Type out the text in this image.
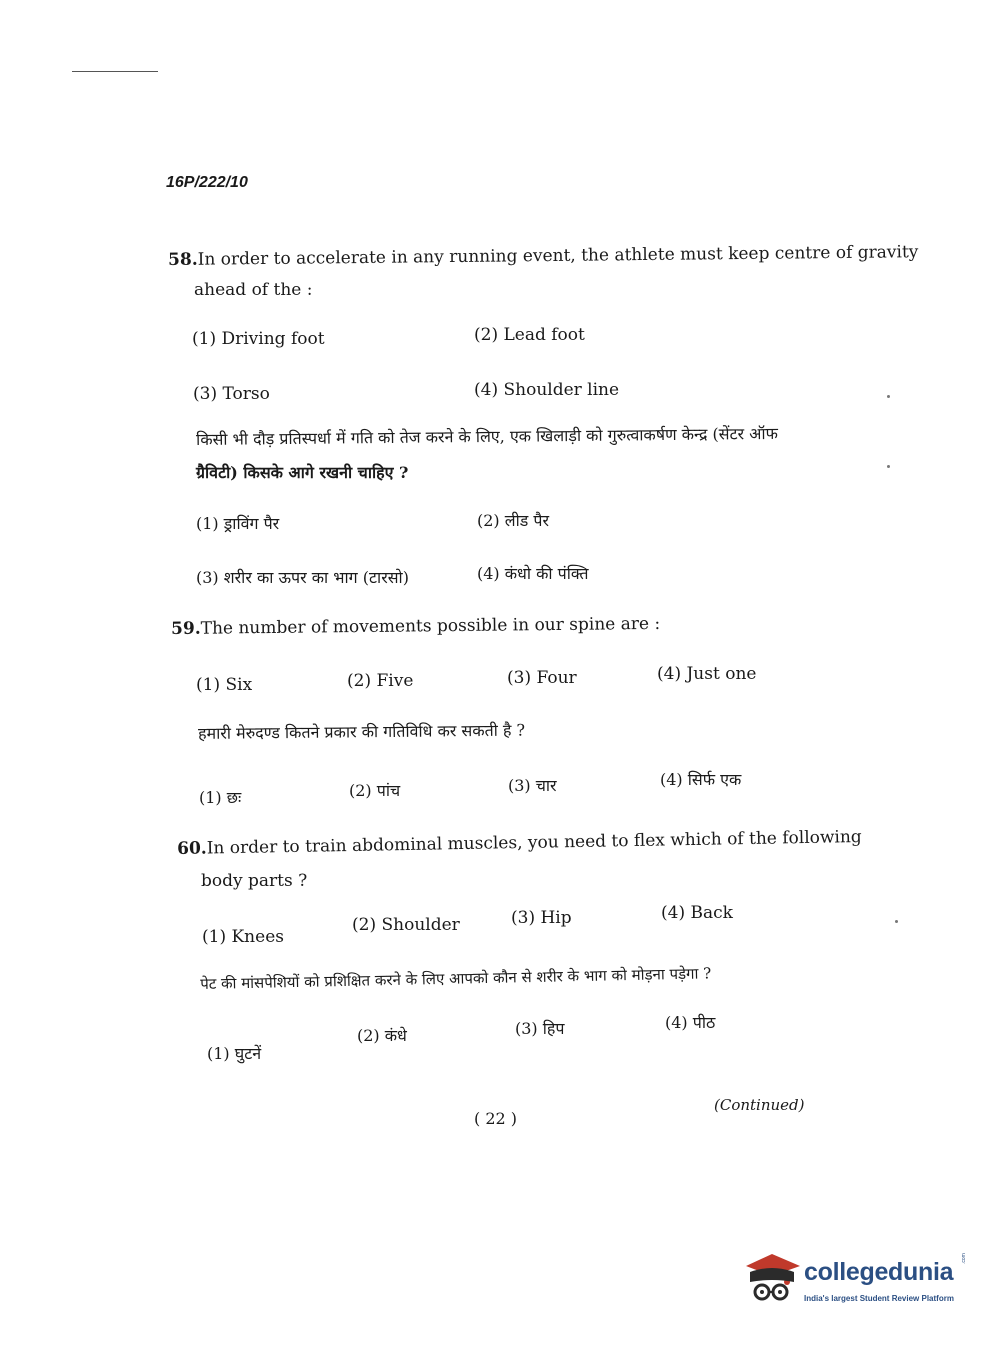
16P/222/10
58.In order to accelerate in any running event, the athlete must keep centre of gravity
ahead of the :
(1) Driving foot	(2) Lead foot
(3) Torso	(4) Shoulder line
किसी भी दौड़ प्रतिस्पर्धा में गति को तेज करने के लिए, एक खिलाड़ी को गुरुत्वाकर्षण केन्द्र (सेंटर ऑफ
ग्रैविटी) किसके आगे रखनी चाहिए ?
(1) ड्राविंग पैर	(2) लीड पैर
(3) शरीर का ऊपर का भाग (टारसो)	(4) कंधो की पंक्ति
59.The number of movements possible in our spine are :
(1) Six	(2) Five	(3) Four	(4) Just one
हमारी मेरुदण्ड कितने प्रकार की गतिविधि कर सकती है ?
(1) छः	(2) पांच	(3) चार	(4) सिर्फ एक
60.In order to train abdominal muscles, you need to flex which of the following
body parts ?
(1) Knees
(2) Shoulder	(3) Hip	(4) Back
पेट की मांसपेशियों को प्रशिक्षित करने के लिए आपको कौन से शरीर के भाग को मोड़ना पड़ेगा ?
(1) घुटनें
(2) कंधे	(3) हिप	(4) पीठ
( 22 )
(Continued)
collegedunia .com
India's largest Student Review Platform
